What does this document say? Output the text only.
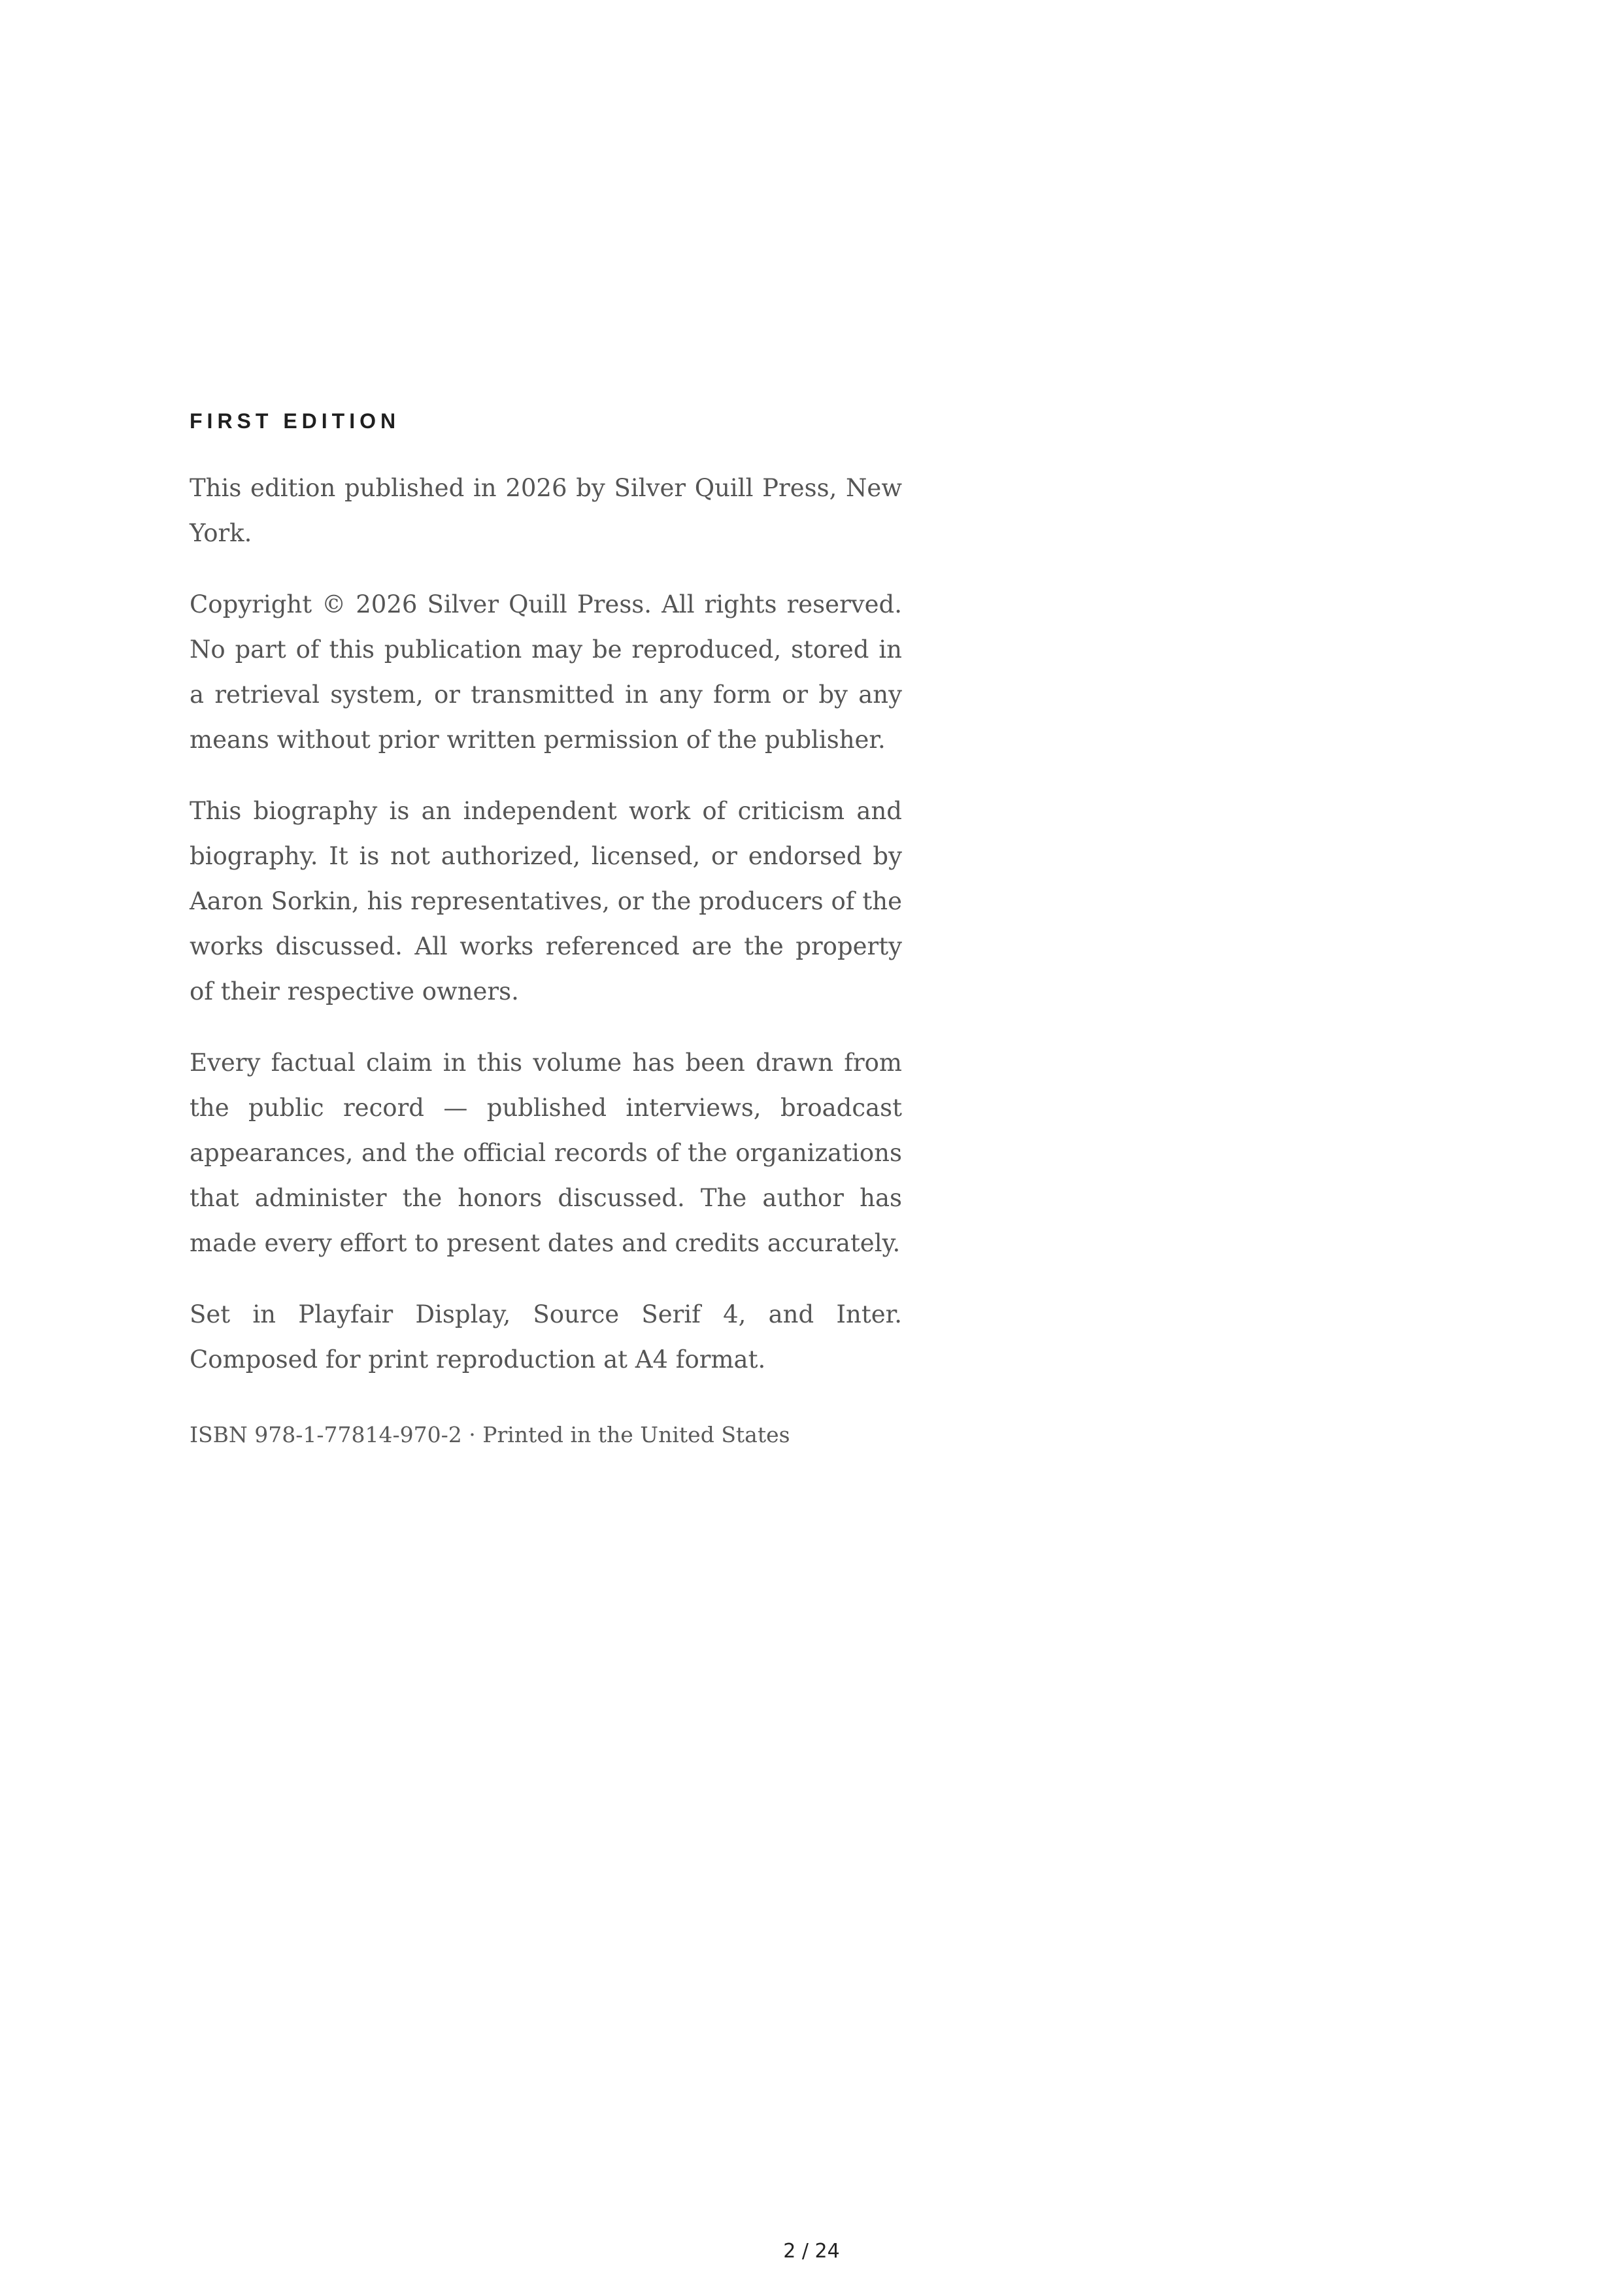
FIRST EDITION

This edition published in 2026 by Silver Quill Press, New York.

Copyright © 2026 Silver Quill Press. All rights reserved. No part of this publication may be reproduced, stored in a retrieval system, or transmitted in any form or by any means without prior written permission of the publisher.

This biography is an independent work of criticism and biography. It is not authorized, licensed, or endorsed by Aaron Sorkin, his representatives, or the producers of the works discussed. All works referenced are the property of their respective owners.

Every factual claim in this volume has been drawn from the public record — published interviews, broadcast appearances, and the official records of the organizations that administer the honors discussed. The author has made every effort to present dates and credits accurately.

Set in Playfair Display, Source Serif 4, and Inter. Composed for print reproduction at A4 format.

ISBN 978-1-77814-970-2 · Printed in the United States
2 / 24
